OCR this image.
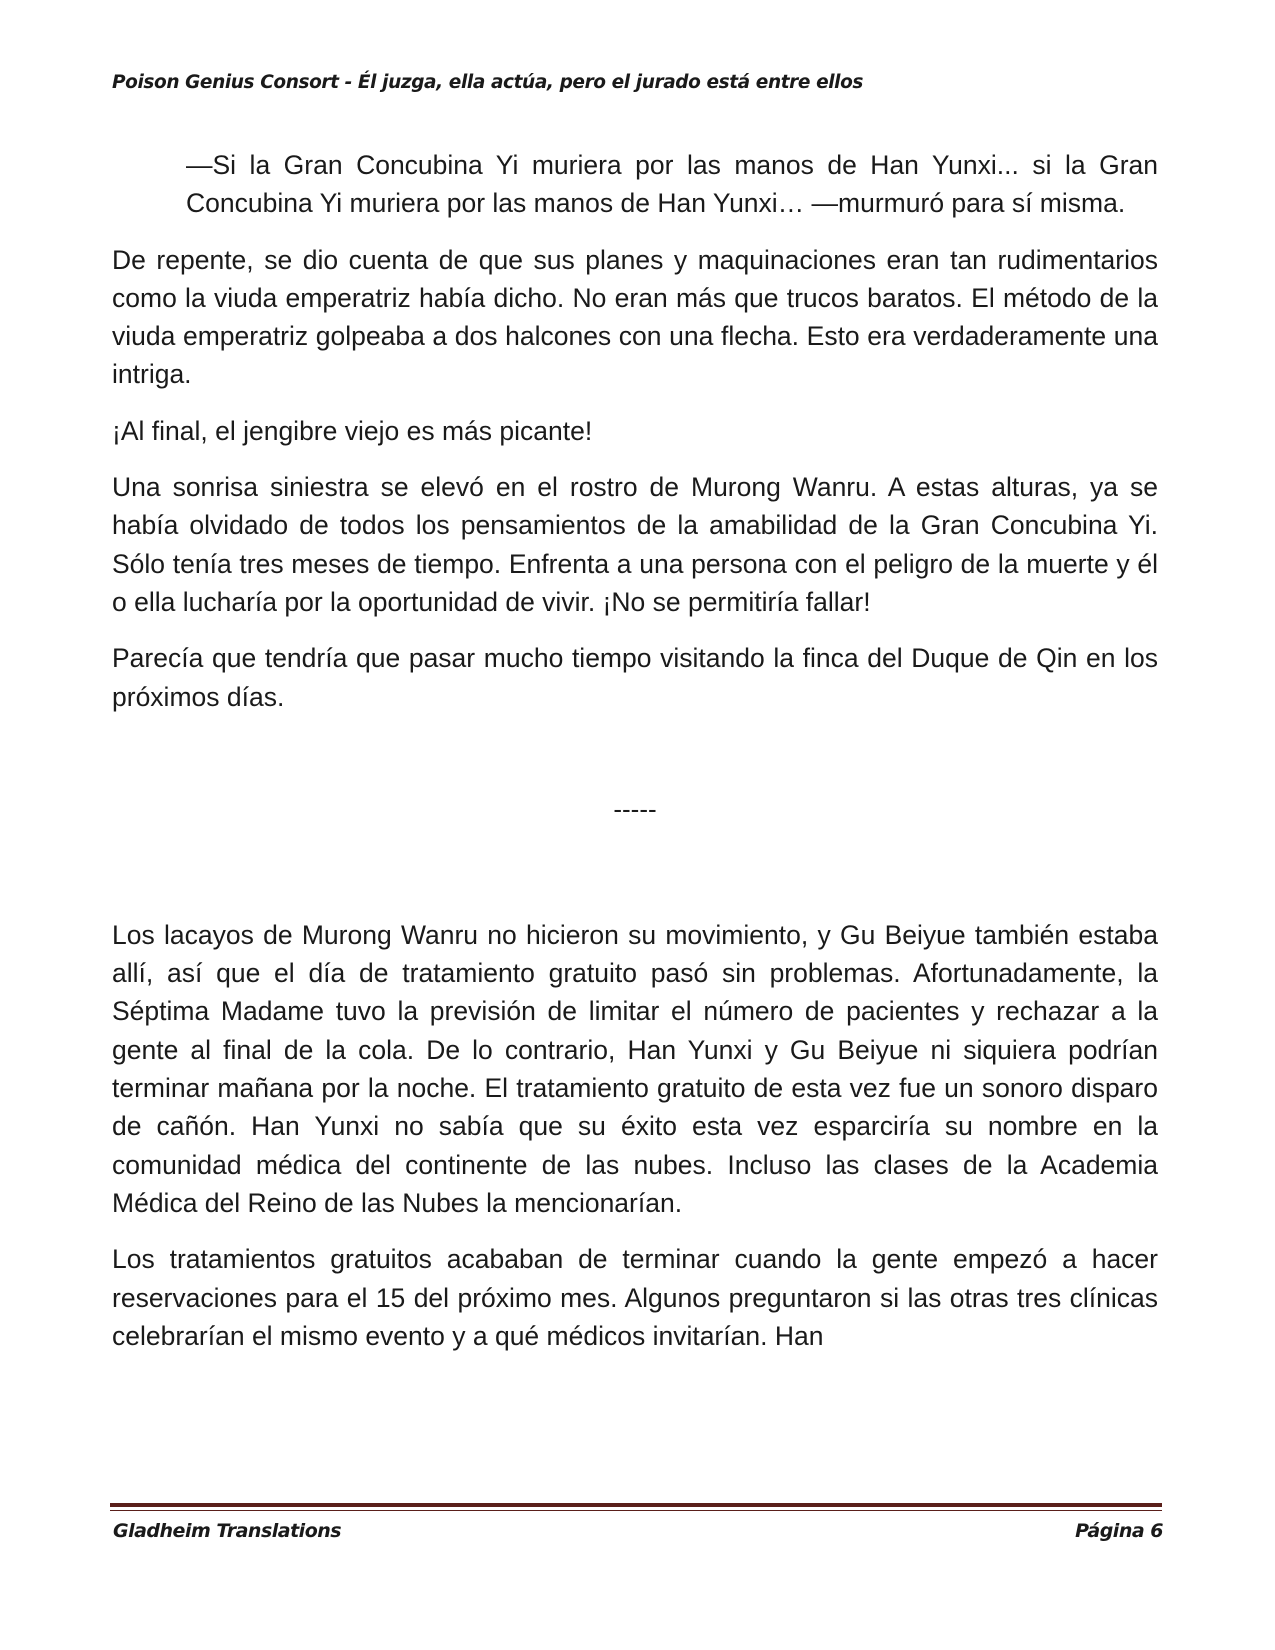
Poison Genius Consort - Él juzga, ella actúa, pero el jurado está entre ellos

—Si la Gran Concubina Yi muriera por las manos de Han Yunxi... si la Gran Concubina Yi muriera por las manos de Han Yunxi… —murmuró para sí misma.

De repente, se dio cuenta de que sus planes y maquinaciones eran tan rudimentarios como la viuda emperatriz había dicho. No eran más que trucos baratos. El método de la viuda emperatriz golpeaba a dos halcones con una flecha. Esto era verdaderamente una intriga.

¡Al final, el jengibre viejo es más picante!

Una sonrisa siniestra se elevó en el rostro de Murong Wanru. A estas alturas, ya se había olvidado de todos los pensamientos de la amabilidad de la Gran Concubina Yi. Sólo tenía tres meses de tiempo. Enfrenta a una persona con el peligro de la muerte y él o ella lucharía por la oportunidad de vivir. ¡No se permitiría fallar!

Parecía que tendría que pasar mucho tiempo visitando la finca del Duque de Qin en los próximos días.

-----

Los lacayos de Murong Wanru no hicieron su movimiento, y Gu Beiyue también estaba allí, así que el día de tratamiento gratuito pasó sin problemas. Afortunadamente, la Séptima Madame tuvo la previsión de limitar el número de pacientes y rechazar a la gente al final de la cola. De lo contrario, Han Yunxi y Gu Beiyue ni siquiera podrían terminar mañana por la noche. El tratamiento gratuito de esta vez fue un sonoro disparo de cañón. Han Yunxi no sabía que su éxito esta vez esparciría su nombre en la comunidad médica del continente de las nubes. Incluso las clases de la Academia Médica del Reino de las Nubes la mencionarían.

Los tratamientos gratuitos acababan de terminar cuando la gente empezó a hacer reservaciones para el 15 del próximo mes. Algunos preguntaron si las otras tres clínicas celebrarían el mismo evento y a qué médicos invitarían. Han

Gladheim Translations	Página 6
